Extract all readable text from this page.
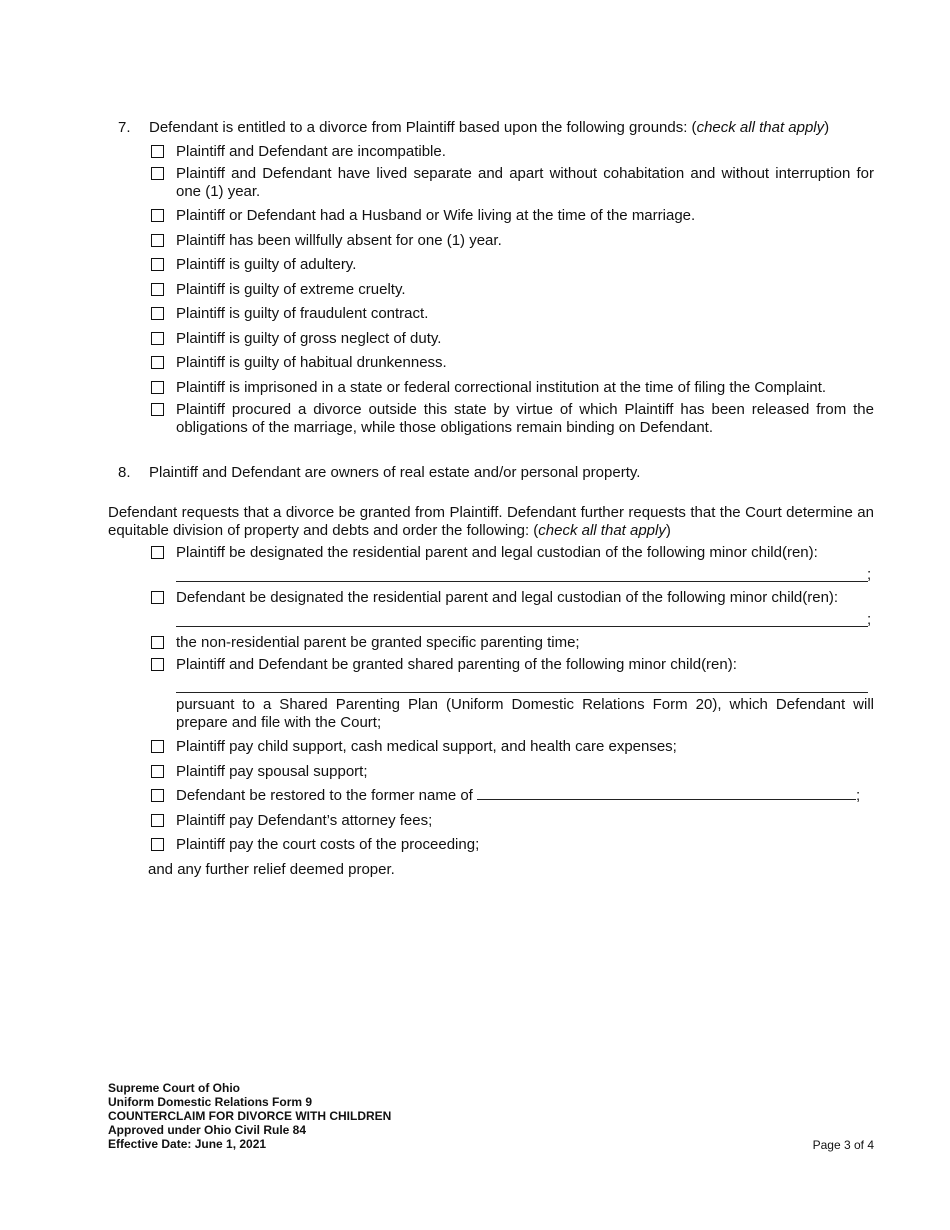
7.	Defendant is entitled to a divorce from Plaintiff based upon the following grounds: (check all that apply)
Plaintiff and Defendant are incompatible.
Plaintiff and Defendant have lived separate and apart without cohabitation and without interruption for one (1) year.
Plaintiff or Defendant had a Husband or Wife living at the time of the marriage.
Plaintiff has been willfully absent for one (1) year.
Plaintiff is guilty of adultery.
Plaintiff is guilty of extreme cruelty.
Plaintiff is guilty of fraudulent contract.
Plaintiff is guilty of gross neglect of duty.
Plaintiff is guilty of habitual drunkenness.
Plaintiff is imprisoned in a state or federal correctional institution at the time of filing the Complaint.
Plaintiff procured a divorce outside this state by virtue of which Plaintiff has been released from the obligations of the marriage, while those obligations remain binding on Defendant.
8.	Plaintiff and Defendant are owners of real estate and/or personal property.
Defendant requests that a divorce be granted from Plaintiff. Defendant further requests that the Court determine an equitable division of property and debts and order the following: (check all that apply)
Plaintiff be designated the residential parent and legal custodian of the following minor child(ren):
;
Defendant be designated the residential parent and legal custodian of the following minor child(ren):
;
the non-residential parent be granted specific parenting time;
Plaintiff and Defendant be granted shared parenting of the following minor child(ren):
pursuant to a Shared Parenting Plan (Uniform Domestic Relations Form 20), which Defendant will prepare and file with the Court;
Plaintiff pay child support, cash medical support, and health care expenses;
Plaintiff pay spousal support;
Defendant be restored to the former name of	;
Plaintiff pay Defendant’s attorney fees;
Plaintiff pay the court costs of the proceeding;
and any further relief deemed proper.
Supreme Court of Ohio
Uniform Domestic Relations Form 9
COUNTERCLAIM FOR DIVORCE WITH CHILDREN
Approved under Ohio Civil Rule 84
Effective Date: June 1, 2021	Page 3 of 4
